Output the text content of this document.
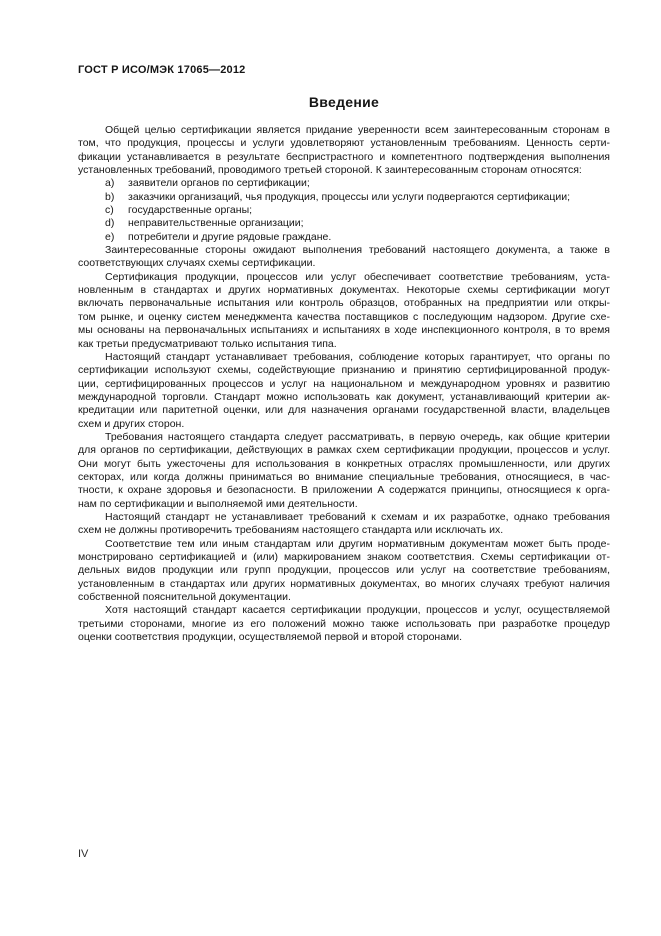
ГОСТ Р ИСО/МЭК 17065—2012
Введение
Общей целью сертификации является придание уверенности всем заинтересованным сторонам в
том, что продукция, процессы и услуги удовлетворяют установленным требованиям. Ценность серти-
фикации устанавливается в результате беспристрастного и компетентного подтверждения выполнения
установленных требований, проводимого третьей стороной. К заинтересованным сторонам относятся:
a) заявители органов по сертификации;
b) заказчики организаций, чья продукция, процессы или услуги подвергаются сертификации;
c) государственные органы;
d) неправительственные организации;
e) потребители и другие рядовые граждане.
Заинтересованные стороны ожидают выполнения требований настоящего документа, а также в
соответствующих случаях схемы сертификации.
Сертификация продукции, процессов или услуг обеспечивает соответствие требованиям, уста-
новленным в стандартах и других нормативных документах. Некоторые схемы сертификации могут
включать первоначальные испытания или контроль образцов, отобранных на предприятии или откры-
том рынке, и оценку систем менеджмента качества поставщиков с последующим надзором. Другие схе-
мы основаны на первоначальных испытаниях и испытаниях в ходе инспекционного контроля, в то время
как третьи предусматривают только испытания типа.
Настоящий стандарт устанавливает требования, соблюдение которых гарантирует, что органы по
сертификации используют схемы, содействующие признанию и принятию сертифицированной продук-
ции, сертифицированных процессов и услуг на национальном и международном уровнях и развитию
международной торговли. Стандарт можно использовать как документ, устанавливающий критерии ак-
кредитации или паритетной оценки, или для назначения органами государственной власти, владельцев
схем и других сторон.
Требования настоящего стандарта следует рассматривать, в первую очередь, как общие критерии
для органов по сертификации, действующих в рамках схем сертификации продукции, процессов и услуг.
Они могут быть ужесточены для использования в конкретных отраслях промышленности, или других
секторах, или когда должны приниматься во внимание специальные требования, относящиеся, в час-
тности, к охране здоровья и безопасности. В приложении А содержатся принципы, относящиеся к орга-
нам по сертификации и выполняемой ими деятельности.
Настоящий стандарт не устанавливает требований к схемам и их разработке, однако требования
схем не должны противоречить требованиям настоящего стандарта или исключать их.
Соответствие тем или иным стандартам или другим нормативным документам может быть проде-
монстрировано сертификацией и (или) маркированием знаком соответствия. Схемы сертификации от-
дельных видов продукции или групп продукции, процессов или услуг на соответствие требованиям,
установленным в стандартах или других нормативных документах, во многих случаях требуют наличия
собственной пояснительной документации.
Хотя настоящий стандарт касается сертификации продукции, процессов и услуг, осуществляемой
третьими сторонами, многие из его положений можно также использовать при разработке процедур
оценки соответствия продукции, осуществляемой первой и второй сторонами.
IV
